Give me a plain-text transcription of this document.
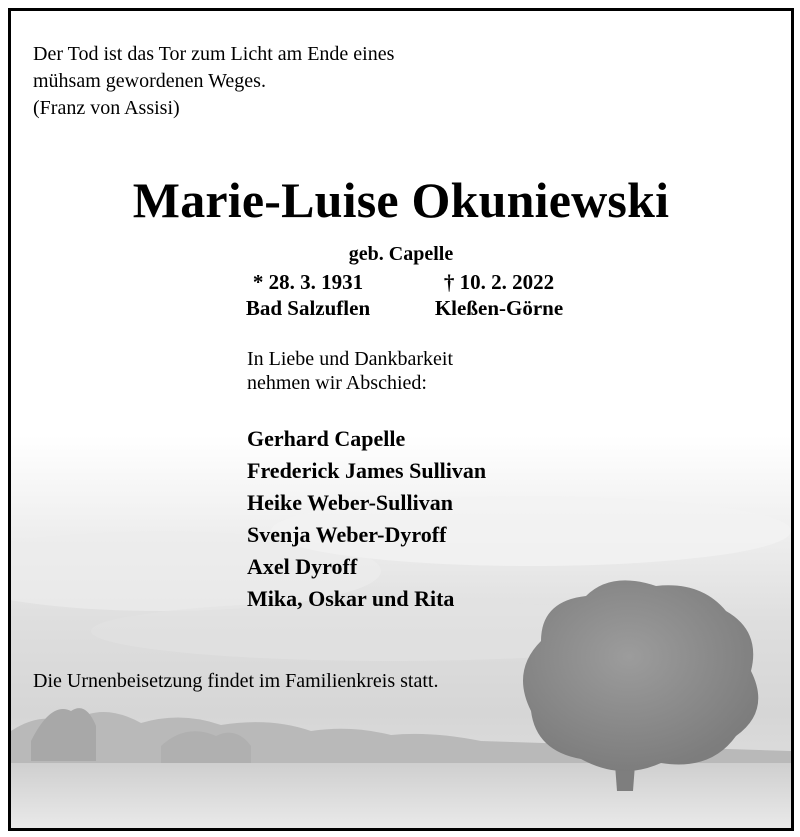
Der Tod ist das Tor zum Licht am Ende eines
mühsam gewordenen Weges.
(Franz von Assisi)
Marie-Luise Okuniewski
geb. Capelle
* 28. 3. 1931
Bad Salzuflen
† 10. 2. 2022
Kleßen-Görne
In Liebe und Dankbarkeit
nehmen wir Abschied:
Gerhard Capelle
Frederick James Sullivan
Heike Weber-Sullivan
Svenja Weber-Dyroff
Axel Dyroff
Mika, Oskar und Rita
Die Urnenbeisetzung findet im Familienkreis statt.
